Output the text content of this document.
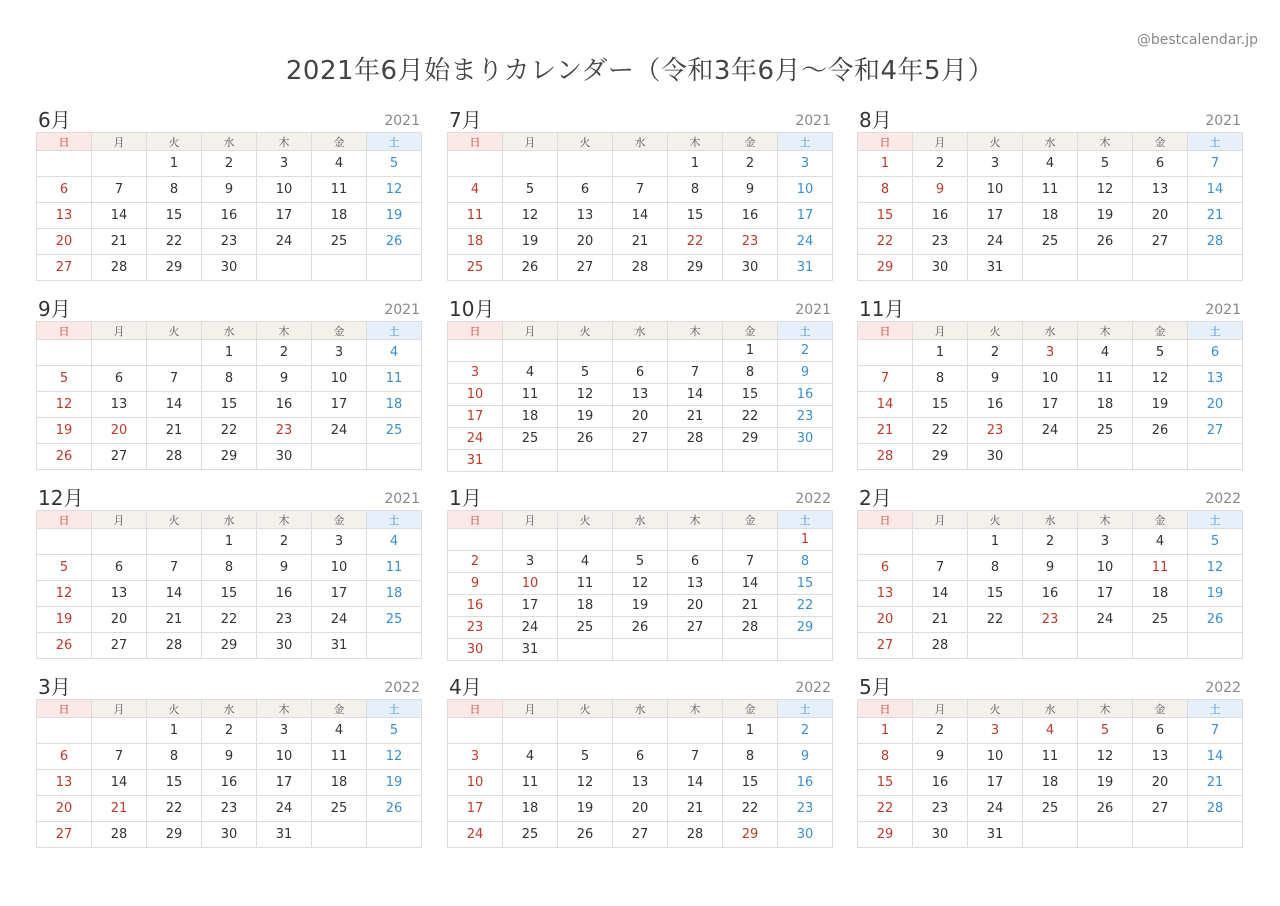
2021年6月始まりカレンダー（令和3年6月〜令和4年5月）
@bestcalendar.jp
6月	2021
日	月	火	水	木	金	土
		1	2	3	4	5
6	7	8	9	10	11	12
13	14	15	16	17	18	19
20	21	22	23	24	25	26
27	28	29	30			
7月	2021
日	月	火	水	木	金	土
				1	2	3
4	5	6	7	8	9	10
11	12	13	14	15	16	17
18	19	20	21	22	23	24
25	26	27	28	29	30	31
8月	2021
日	月	火	水	木	金	土
1	2	3	4	5	6	7
8	9	10	11	12	13	14
15	16	17	18	19	20	21
22	23	24	25	26	27	28
29	30	31				
9月	2021
日	月	火	水	木	金	土
			1	2	3	4
5	6	7	8	9	10	11
12	13	14	15	16	17	18
19	20	21	22	23	24	25
26	27	28	29	30		
10月	2021
日	月	火	水	木	金	土
					1	2
3	4	5	6	7	8	9
10	11	12	13	14	15	16
17	18	19	20	21	22	23
24	25	26	27	28	29	30
31						
11月	2021
日	月	火	水	木	金	土
	1	2	3	4	5	6
7	8	9	10	11	12	13
14	15	16	17	18	19	20
21	22	23	24	25	26	27
28	29	30				
12月	2021
日	月	火	水	木	金	土
			1	2	3	4
5	6	7	8	9	10	11
12	13	14	15	16	17	18
19	20	21	22	23	24	25
26	27	28	29	30	31	
1月	2022
日	月	火	水	木	金	土
						1
2	3	4	5	6	7	8
9	10	11	12	13	14	15
16	17	18	19	20	21	22
23	24	25	26	27	28	29
30	31					
2月	2022
日	月	火	水	木	金	土
		1	2	3	4	5
6	7	8	9	10	11	12
13	14	15	16	17	18	19
20	21	22	23	24	25	26
27	28					
3月	2022
日	月	火	水	木	金	土
		1	2	3	4	5
6	7	8	9	10	11	12
13	14	15	16	17	18	19
20	21	22	23	24	25	26
27	28	29	30	31		
4月	2022
日	月	火	水	木	金	土
					1	2
3	4	5	6	7	8	9
10	11	12	13	14	15	16
17	18	19	20	21	22	23
24	25	26	27	28	29	30
5月	2022
日	月	火	水	木	金	土
1	2	3	4	5	6	7
8	9	10	11	12	13	14
15	16	17	18	19	20	21
22	23	24	25	26	27	28
29	30	31				
